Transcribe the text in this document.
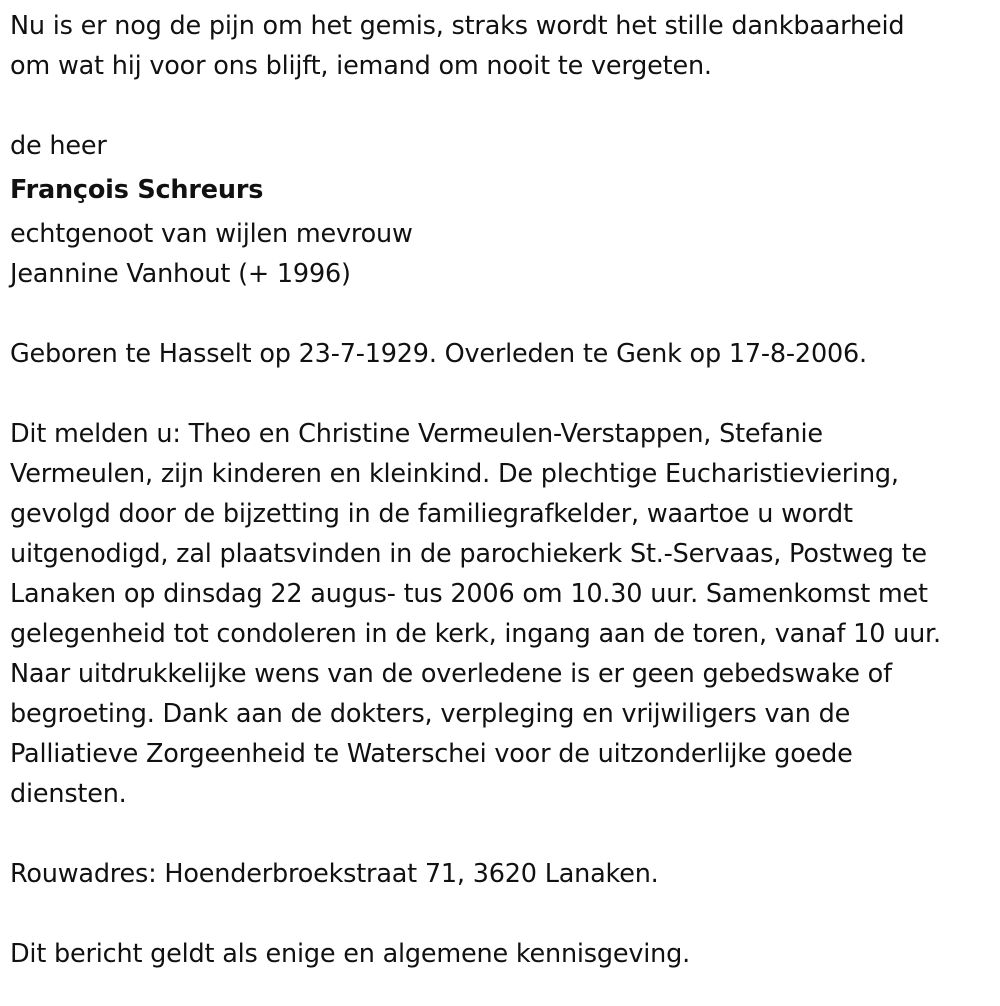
Nu is er nog de pijn om het gemis, straks wordt het stille dankbaarheid

om wat hij voor ons blijft, iemand om nooit te vergeten.

de heer

François Schreurs

echtgenoot van wijlen mevrouw

Jeannine Vanhout (+ 1996)

Geboren te Hasselt op 23-7-1929. Overleden te Genk op 17-8-2006.

Dit melden u: Theo en Christine Vermeulen-Verstappen, Stefanie

Vermeulen, zijn kinderen en kleinkind. De plechtige Eucharistieviering,

gevolgd door de bijzetting in de familiegrafkelder, waartoe u wordt

uitgenodigd, zal plaatsvinden in de parochiekerk St.-Servaas, Postweg te

Lanaken op dinsdag 22 augus- tus 2006 om 10.30 uur. Samenkomst met

gelegenheid tot condoleren in de kerk, ingang aan de toren, vanaf 10 uur.

Naar uitdrukkelijke wens van de overledene is er geen gebedswake of

begroeting. Dank aan de dokters, verpleging en vrijwiligers van de

Palliatieve Zorgeenheid te Waterschei voor de uitzonderlijke goede

diensten.

Rouwadres: Hoenderbroekstraat 71, 3620 Lanaken.

Dit bericht geldt als enige en algemene kennisgeving.
